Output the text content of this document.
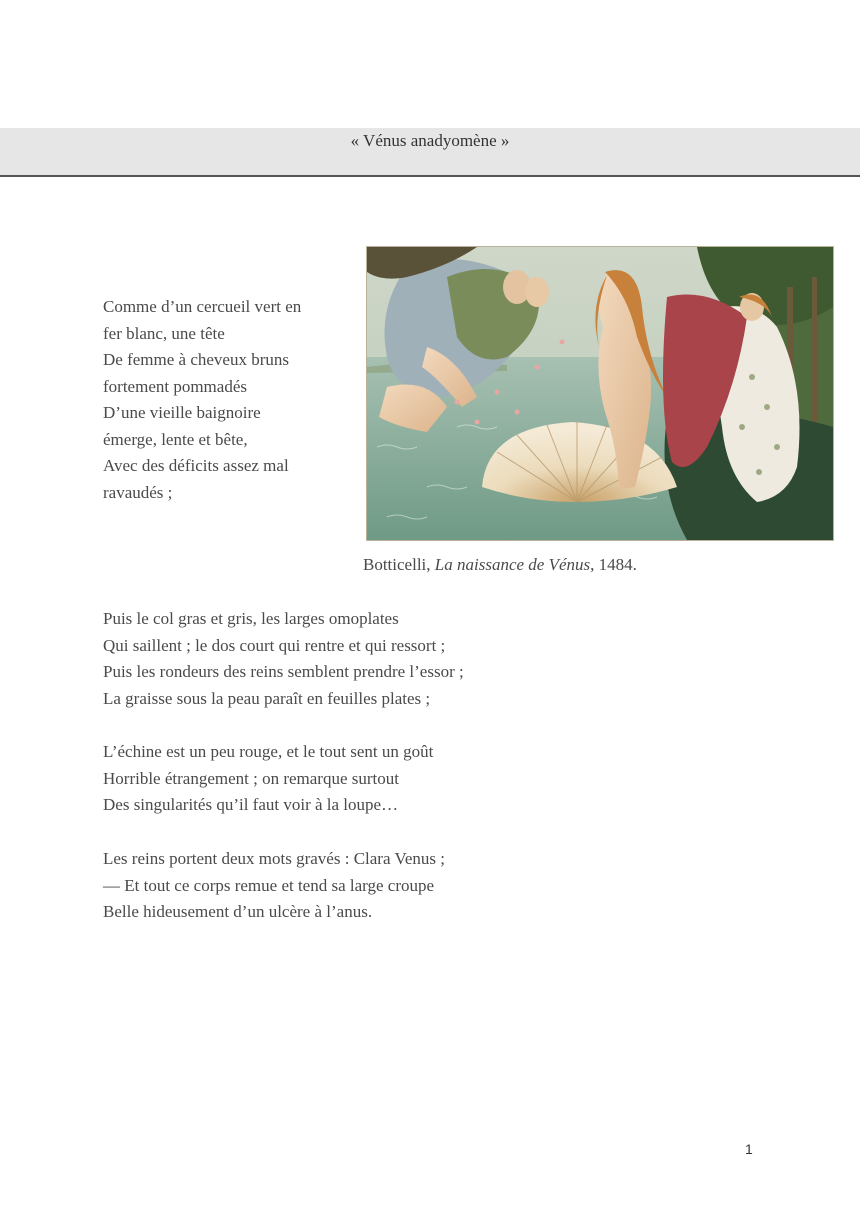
« Vénus anadyomène »
Comme d’un cercueil vert en
fer blanc, une tête
De femme à cheveux bruns
fortement pommadés
D’une vieille baignoire
émerge, lente et bête,
Avec des déficits assez mal
ravaudés ;
Botticelli, La naissance de Vénus, 1484.
Puis le col gras et gris, les larges omoplates
Qui saillent ; le dos court qui rentre et qui ressort ;
Puis les rondeurs des reins semblent prendre l’essor ;
La graisse sous la peau paraît en feuilles plates ;
L’échine est un peu rouge, et le tout sent un goût
Horrible étrangement ; on remarque surtout
Des singularités qu’il faut voir à la loupe…
Les reins portent deux mots gravés : Clara Venus ;
— Et tout ce corps remue et tend sa large croupe
Belle hideusement d’un ulcère à l’anus.
1
